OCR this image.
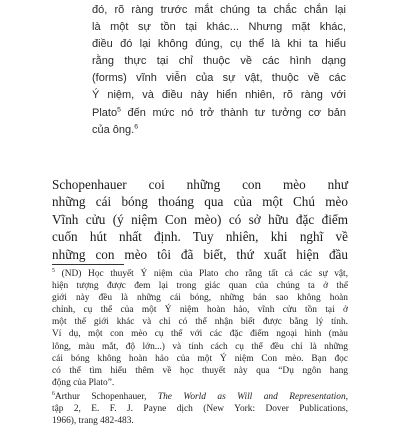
đó, rõ ràng trước mắt chúng ta chắc chắn lại
là một sự tồn tại khác... Nhưng mặt khác,
điều đó lại không đúng, cụ thể là khi ta hiểu
rằng thực tại chỉ thuộc về các hình dạng
(forms) vĩnh viễn của sự vật, thuộc về các
Ý niệm, và điều này hiển nhiên, rõ ràng với
Plato$^5$ đến mức nó trở thành tư tưởng cơ bản
của ông.$^6$
Schopenhauer coi những con mèo như
những cái bóng thoáng qua của một Chú mèo
Vĩnh cửu (ý niệm Con mèo) có sở hữu đặc điểm
cuốn hút nhất định. Tuy nhiên, khi nghĩ về
những con mèo tôi đã biết, thứ xuất hiện đầu
$^5$ (ND) Học thuyết Ý niệm của Plato cho rằng tất cả các sự vật,
hiện tượng được đem lại trong giác quan của chúng ta ở thế
giới này đều là những cái bóng, những bản sao không hoàn
chỉnh, cụ thể của một Ý niệm hoàn hảo, vĩnh cửu tồn tại ở
một thế giới khác và chỉ có thể nhận biết được bằng lý tính.
Ví dụ, một con mèo cụ thể với các đặc điểm ngoại hình (màu
lông, màu mắt, độ lớn...) và tính cách cụ thể đều chỉ là những
cái bóng không hoàn hảo của một Ý niệm Con mèo. Bạn đọc
có thể tìm hiểu thêm về học thuyết này qua “Dụ ngôn hang
động của Plato”.
$^6$Arthur Schopenhauer, The World as Will and Representation,
tập 2, E. F. J. Payne dịch (New York: Dover Publications,
1966), trang 482-483.
